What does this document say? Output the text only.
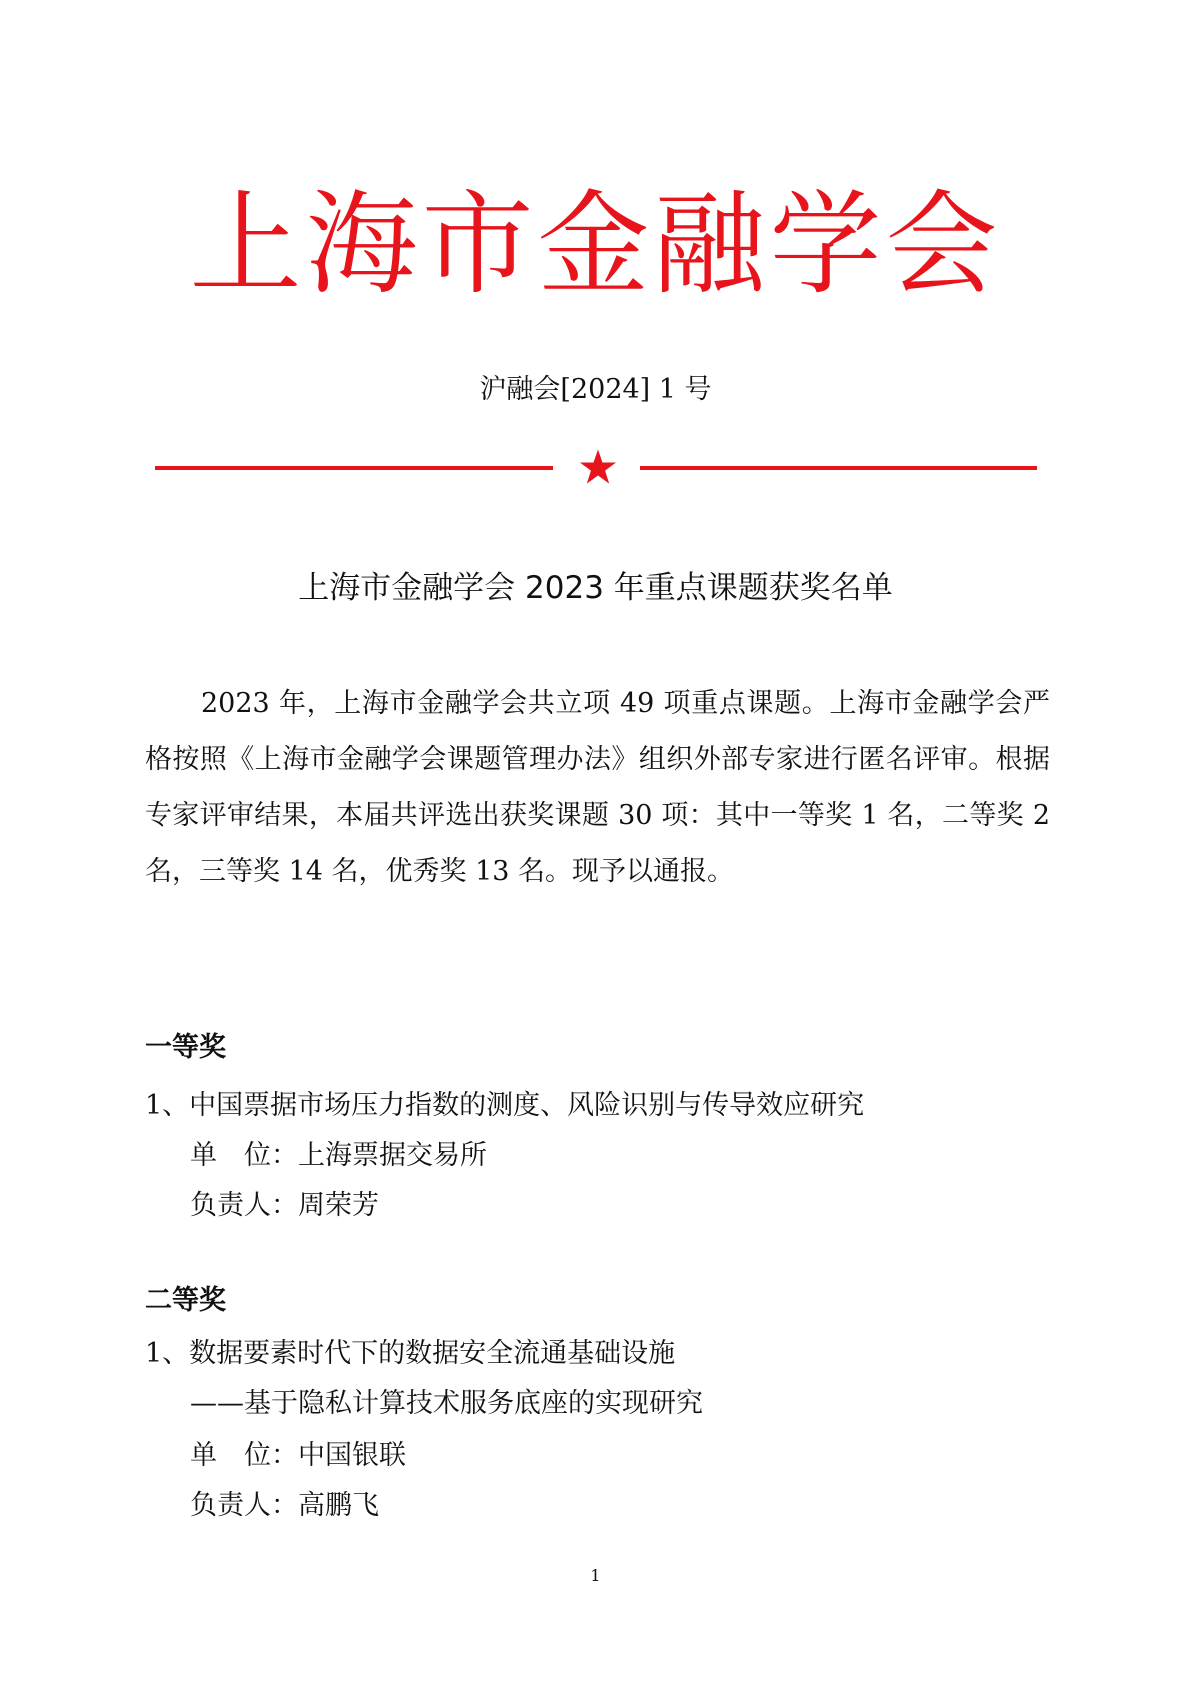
上海市金融学会
沪融会[2024] 1 号
上海市金融学会 2023 年重点课题获奖名单

2023 年，上海市金融学会共立项 49 项重点课题。上海市金融学会严格按照《上海市金融学会课题管理办法》组织外部专家进行匿名评审。根据专家评审结果，本届共评选出获奖课题 30 项：其中一等奖 1 名，二等奖 2 名，三等奖 14 名，优秀奖 13 名。现予以通报。

一等奖
1、中国票据市场压力指数的测度、风险识别与传导效应研究
单　位：上海票据交易所
负责人：周荣芳
二等奖
1、数据要素时代下的数据安全流通基础设施
——基于隐私计算技术服务底座的实现研究
单　位：中国银联
负责人：高鹏飞
1
